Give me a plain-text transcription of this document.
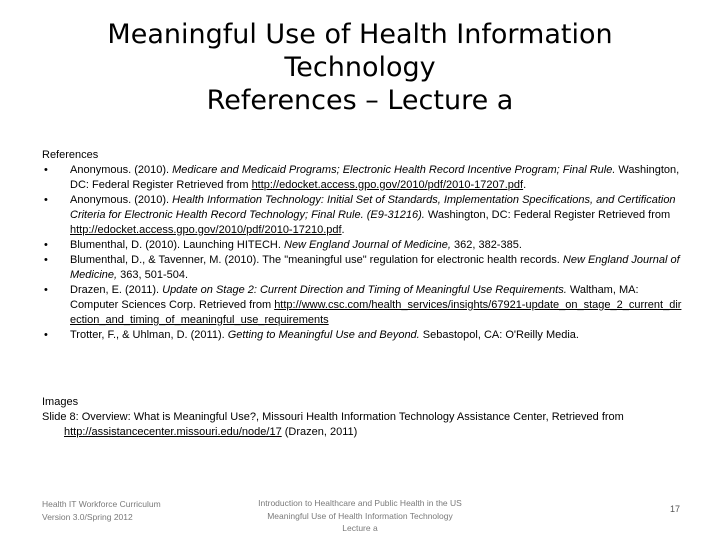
Meaningful Use of Health Information
Technology
References – Lecture a
References
• Anonymous. (2010). Medicare and Medicaid Programs; Electronic Health Record Incentive Program; Final Rule. Washington, DC: Federal Register Retrieved from http://edocket.access.gpo.gov/2010/pdf/2010-17207.pdf.
• Anonymous. (2010). Health Information Technology: Initial Set of Standards, Implementation Specifications, and Certification Criteria for Electronic Health Record Technology; Final Rule. (E9-31216). Washington, DC: Federal Register Retrieved from http://edocket.access.gpo.gov/2010/pdf/2010-17210.pdf.
• Blumenthal, D. (2010). Launching HITECH. New England Journal of Medicine, 362, 382-385.
• Blumenthal, D., & Tavenner, M. (2010). The "meaningful use" regulation for electronic health records. New England Journal of Medicine, 363, 501-504.
• Drazen, E. (2011). Update on Stage 2: Current Direction and Timing of Meaningful Use Requirements. Waltham, MA: Computer Sciences Corp. Retrieved from http://www.csc.com/health_services/insights/67921-update_on_stage_2_current_direction_and_timing_of_meaningful_use_requirements
• Trotter, F., & Uhlman, D. (2011). Getting to Meaningful Use and Beyond. Sebastopol, CA: O'Reilly Media.
Images
Slide 8: Overview: What is Meaningful Use?, Missouri Health Information Technology Assistance Center, Retrieved from http://assistancecenter.missouri.edu/node/17 (Drazen, 2011)
Health IT Workforce Curriculum
Version 3.0/Spring 2012
Introduction to Healthcare and Public Health in the US
Meaningful Use of Health Information Technology
Lecture a
17
